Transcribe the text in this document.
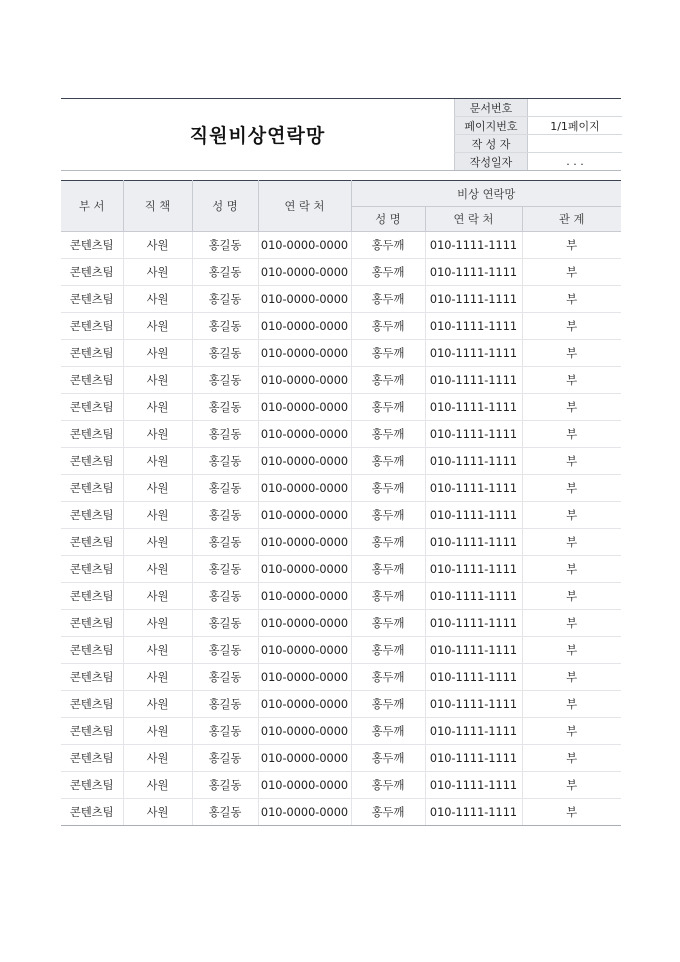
직원비상연락망
문서번호	
페이지번호	1/1페이지
작 성 자	
작성일자	. . .
부 서	직 책	성 명	연 락 처	비상 연락망		
				성 명	연 락 처	관 계
콘텐츠팀	사원	홍길동	010-0000-0000	홍두깨	010-1111-1111	부
콘텐츠팀	사원	홍길동	010-0000-0000	홍두깨	010-1111-1111	부
콘텐츠팀	사원	홍길동	010-0000-0000	홍두깨	010-1111-1111	부
콘텐츠팀	사원	홍길동	010-0000-0000	홍두깨	010-1111-1111	부
콘텐츠팀	사원	홍길동	010-0000-0000	홍두깨	010-1111-1111	부
콘텐츠팀	사원	홍길동	010-0000-0000	홍두깨	010-1111-1111	부
콘텐츠팀	사원	홍길동	010-0000-0000	홍두깨	010-1111-1111	부
콘텐츠팀	사원	홍길동	010-0000-0000	홍두깨	010-1111-1111	부
콘텐츠팀	사원	홍길동	010-0000-0000	홍두깨	010-1111-1111	부
콘텐츠팀	사원	홍길동	010-0000-0000	홍두깨	010-1111-1111	부
콘텐츠팀	사원	홍길동	010-0000-0000	홍두깨	010-1111-1111	부
콘텐츠팀	사원	홍길동	010-0000-0000	홍두깨	010-1111-1111	부
콘텐츠팀	사원	홍길동	010-0000-0000	홍두깨	010-1111-1111	부
콘텐츠팀	사원	홍길동	010-0000-0000	홍두깨	010-1111-1111	부
콘텐츠팀	사원	홍길동	010-0000-0000	홍두깨	010-1111-1111	부
콘텐츠팀	사원	홍길동	010-0000-0000	홍두깨	010-1111-1111	부
콘텐츠팀	사원	홍길동	010-0000-0000	홍두깨	010-1111-1111	부
콘텐츠팀	사원	홍길동	010-0000-0000	홍두깨	010-1111-1111	부
콘텐츠팀	사원	홍길동	010-0000-0000	홍두깨	010-1111-1111	부
콘텐츠팀	사원	홍길동	010-0000-0000	홍두깨	010-1111-1111	부
콘텐츠팀	사원	홍길동	010-0000-0000	홍두깨	010-1111-1111	부
콘텐츠팀	사원	홍길동	010-0000-0000	홍두깨	010-1111-1111	부
